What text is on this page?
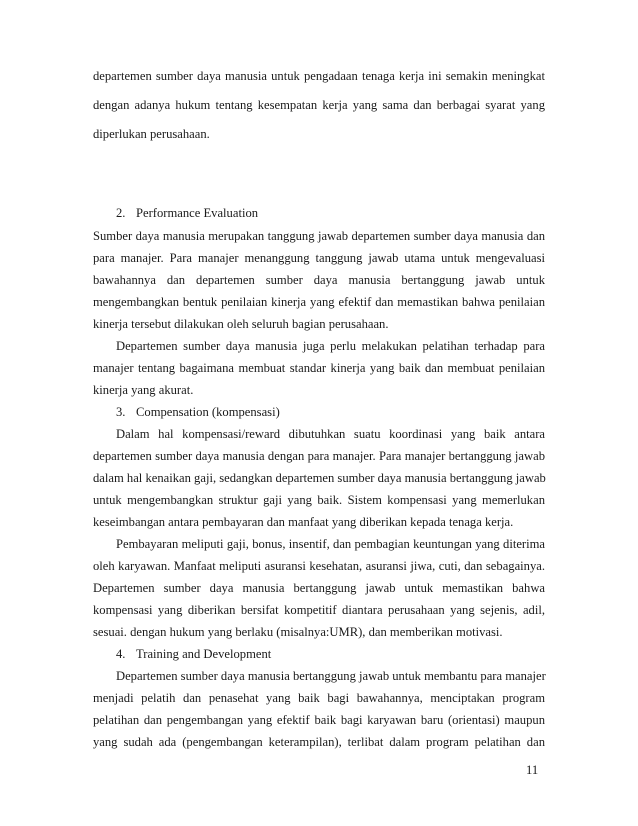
departemen sumber daya manusia untuk pengadaan tenaga kerja ini semakin meningkat
dengan adanya hukum tentang kesempatan kerja yang sama dan berbagai syarat yang
diperlukan perusahaan.
2. Performance Evaluation
Sumber daya manusia merupakan tanggung jawab departemen sumber daya manusia dan
para manajer. Para manajer menanggung tanggung jawab utama untuk mengevaluasi
bawahannya dan departemen sumber daya manusia bertanggung jawab untuk
mengembangkan bentuk penilaian kinerja yang efektif dan memastikan bahwa penilaian
kinerja tersebut dilakukan oleh seluruh bagian perusahaan.
Departemen sumber daya manusia juga perlu melakukan pelatihan terhadap para
manajer tentang bagaimana membuat standar kinerja yang baik dan membuat penilaian
kinerja yang akurat.
3. Compensation (kompensasi)
Dalam hal kompensasi/reward dibutuhkan suatu koordinasi yang baik antara
departemen sumber daya manusia dengan para manajer. Para manajer bertanggung jawab
dalam hal kenaikan gaji, sedangkan departemen sumber daya manusia bertanggung jawab
untuk mengembangkan struktur gaji yang baik. Sistem kompensasi yang memerlukan
keseimbangan antara pembayaran dan manfaat yang diberikan kepada tenaga kerja.
Pembayaran meliputi gaji, bonus, insentif, dan pembagian keuntungan yang diterima
oleh karyawan. Manfaat meliputi asuransi kesehatan, asuransi jiwa, cuti, dan sebagainya.
Departemen sumber daya manusia bertanggung jawab untuk memastikan bahwa
kompensasi yang diberikan bersifat kompetitif diantara perusahaan yang sejenis, adil,
sesuai. dengan hukum yang berlaku (misalnya:UMR), dan memberikan motivasi.
4. Training and Development
Departemen sumber daya manusia bertanggung jawab untuk membantu para manajer
menjadi pelatih dan penasehat yang baik bagi bawahannya, menciptakan program
pelatihan dan pengembangan yang efektif baik bagi karyawan baru (orientasi) maupun
yang sudah ada (pengembangan keterampilan), terlibat dalam program pelatihan dan
11
